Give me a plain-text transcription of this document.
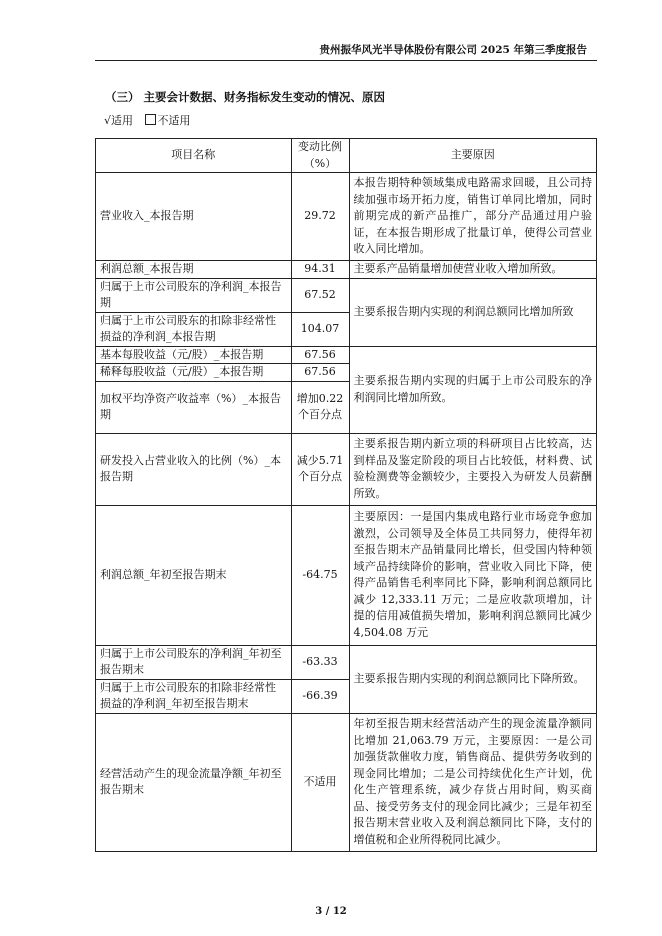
贵州振华风光半导体股份有限公司 2025 年第三季度报告
（三） 主要会计数据、财务指标发生变动的情况、原因
√适用 不适用
项目名称	变动比例（%）	主要原因
营业收入_本报告期	29.72	本报告期特种领域集成电路需求回暖，且公司持续加强市场开拓力度，销售订单同比增加，同时前期完成的新产品推广，部分产品通过用户验证，在本报告期形成了批量订单，使得公司营业收入同比增加。
利润总额_本报告期	94.31	主要系产品销量增加使营业收入增加所致。
归属于上市公司股东的净利润_本报告期	67.52	主要系报告期内实现的利润总额同比增加所致
归属于上市公司股东的扣除非经常性损益的净利润_本报告期	104.07	
基本每股收益（元/股）_本报告期	67.56	主要系报告期内实现的归属于上市公司股东的净利润同比增加所致。
稀释每股收益（元/股）_本报告期	67.56	
加权平均净资产收益率（%）_本报告期	增加0.22个百分点	
研发投入占营业收入的比例（%）_本报告期	减少5.71个百分点	主要系报告期内新立项的科研项目占比较高，达到样品及鉴定阶段的项目占比较低，材料费、试验检测费等金额较少，主要投入为研发人员薪酬所致。
利润总额_年初至报告期末	-64.75	主要原因：一是国内集成电路行业市场竞争愈加激烈，公司领导及全体员工共同努力，使得年初至报告期末产品销量同比增长，但受国内特种领域产品持续降价的影响，营业收入同比下降，使得产品销售毛利率同比下降，影响利润总额同比减少 12,333.11 万元；二是应收款项增加，计提的信用减值损失增加，影响利润总额同比减少 4,504.08 万元
归属于上市公司股东的净利润_年初至报告期末	-63.33	主要系报告期内实现的利润总额同比下降所致。
归属于上市公司股东的扣除非经常性损益的净利润_年初至报告期末	-66.39	
经营活动产生的现金流量净额_年初至报告期末	不适用	年初至报告期末经营活动产生的现金流量净额同比增加 21,063.79 万元，主要原因：一是公司加强货款催收力度，销售商品、提供劳务收到的现金同比增加；二是公司持续优化生产计划，优化生产管理系统，减少存货占用时间，购买商品、接受劳务支付的现金同比减少；三是年初至报告期末营业收入及利润总额同比下降，支付的增值税和企业所得税同比减少。
3 / 12
